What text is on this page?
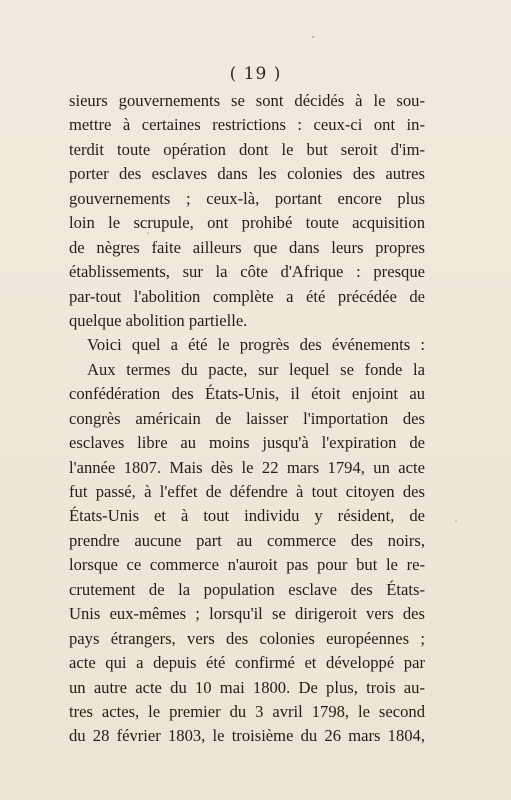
( 19 )
sieurs gouvernements se sont décidés à le sou-
mettre à certaines restrictions : ceux-ci ont in-
terdit toute opération dont le but seroit d'im-
porter des esclaves dans les colonies des autres
gouvernements ; ceux-là, portant encore plus
loin le scrupule, ont prohibé toute acquisition
de nègres faite ailleurs que dans leurs propres
établissements, sur la côte d'Afrique : presque
par-tout l'abolition complète a été précédée de
quelque abolition partielle.
Voici quel a été le progrès des événements :
Aux termes du pacte, sur lequel se fonde la
confédération des États-Unis, il étoit enjoint au
congrès américain de laisser l'importation des
esclaves libre au moins jusqu'à l'expiration de
l'année 1807. Mais dès le 22 mars 1794, un acte
fut passé, à l'effet de défendre à tout citoyen des
États-Unis et à tout individu y résident, de
prendre aucune part au commerce des noirs,
lorsque ce commerce n'auroit pas pour but le re-
crutement de la population esclave des États-
Unis eux-mêmes ; lorsqu'il se dirigeroit vers des
pays étrangers, vers des colonies européennes ;
acte qui a depuis été confirmé et développé par
un autre acte du 10 mai 1800. De plus, trois au-
tres actes, le premier du 3 avril 1798, le second
du 28 février 1803, le troisième du 26 mars 1804,
